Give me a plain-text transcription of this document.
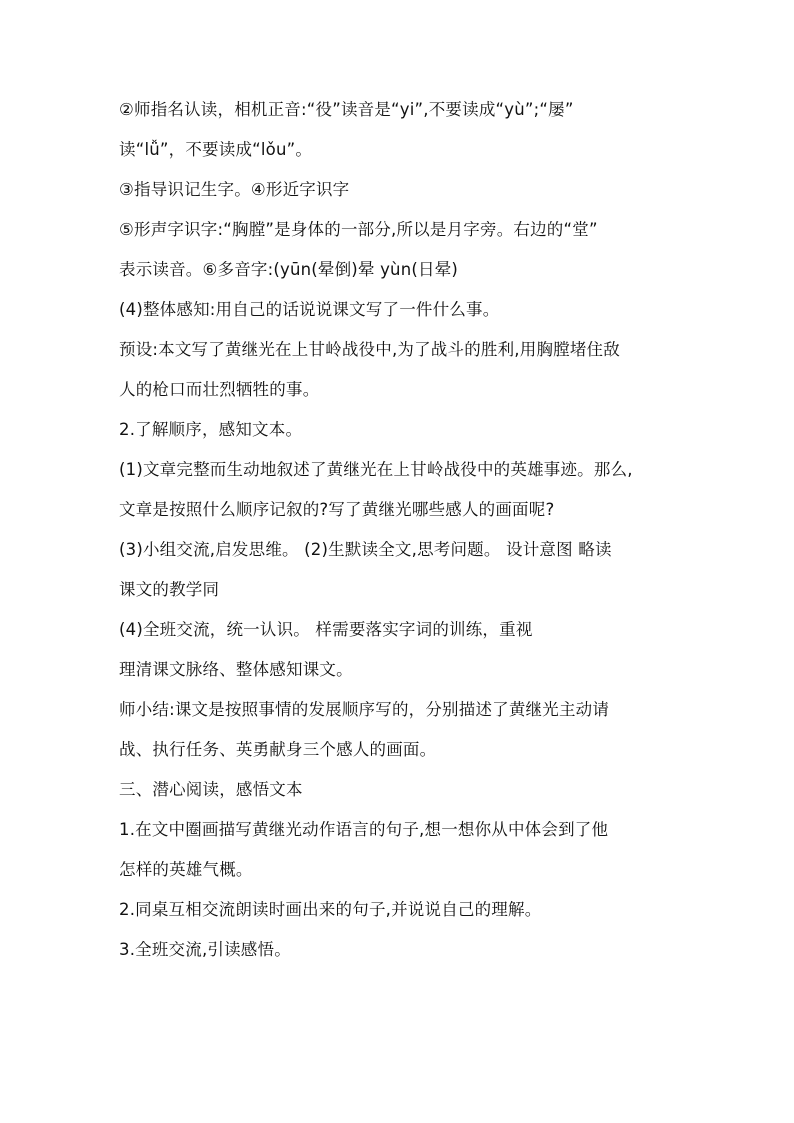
②师指名认读，相机正音:“役”读音是“yi”,不要读成“yù”;“屡”
读“lǚ”，不要读成“lǒu”。
③指导识记生字。④形近字识字
⑤形声字识字:“胸膛”是身体的一部分,所以是月字旁。右边的“堂”
表示读音。⑥多音字:(yūn(晕倒)晕 yùn(日晕)
(4)整体感知:用自己的话说说课文写了一件什么事。
预设:本文写了黄继光在上甘岭战役中,为了战斗的胜利,用胸膛堵住敌
人的枪口而壮烈牺牲的事。
2.了解顺序，感知文本。
(1)文章完整而生动地叙述了黄继光在上甘岭战役中的英雄事迹。那么,
文章是按照什么顺序记叙的?写了黄继光哪些感人的画面呢?
(3)小组交流,启发思维。 (2)生默读全文,思考问题。 设计意图 略读
课文的教学同
(4)全班交流，统一认识。 样需要落实字词的训练，重视
理清课文脉络、整体感知课文。
师小结:课文是按照事情的发展顺序写的，分别描述了黄继光主动请
战、执行任务、英勇献身三个感人的画面。
三、潜心阅读，感悟文本
1.在文中圈画描写黄继光动作语言的句子,想一想你从中体会到了他
怎样的英雄气概。
2.同桌互相交流朗读时画出来的句子,并说说自己的理解。
3.全班交流,引读感悟。
